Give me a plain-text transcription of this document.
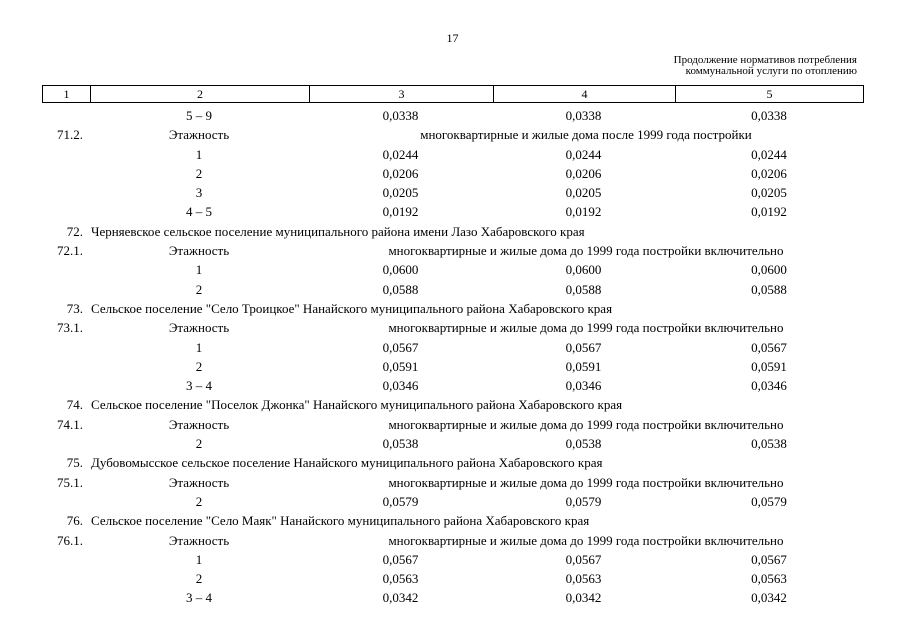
17
Продолжение нормативов потребления
коммунальной услуги по отоплению
1	2	3	4	5
5 – 9	0,0338	0,0338	0,0338
71.2.	Этажность	многоквартирные и жилые дома после 1999 года постройки
1	0,0244	0,0244	0,0244
2	0,0206	0,0206	0,0206
3	0,0205	0,0205	0,0205
4 – 5	0,0192	0,0192	0,0192
72. Черняевское сельское поселение муниципального района имени Лазо Хабаровского края
72.1.	Этажность	многоквартирные и жилые дома до 1999 года постройки включительно
1	0,0600	0,0600	0,0600
2	0,0588	0,0588	0,0588
73. Сельское поселение "Село Троицкое" Нанайского муниципального района Хабаровского края
73.1.	Этажность	многоквартирные и жилые дома до 1999 года постройки включительно
1	0,0567	0,0567	0,0567
2	0,0591	0,0591	0,0591
3 – 4	0,0346	0,0346	0,0346
74. Сельское поселение "Поселок Джонка" Нанайского муниципального района Хабаровского края
74.1.	Этажность	многоквартирные и жилые дома до 1999 года постройки включительно
2	0,0538	0,0538	0,0538
75. Дубовомысское сельское поселение Нанайского муниципального района Хабаровского края
75.1.	Этажность	многоквартирные и жилые дома до 1999 года постройки включительно
2	0,0579	0,0579	0,0579
76. Сельское поселение "Село Маяк" Нанайского муниципального района Хабаровского края
76.1.	Этажность	многоквартирные и жилые дома до 1999 года постройки включительно
1	0,0567	0,0567	0,0567
2	0,0563	0,0563	0,0563
3 – 4	0,0342	0,0342	0,0342
